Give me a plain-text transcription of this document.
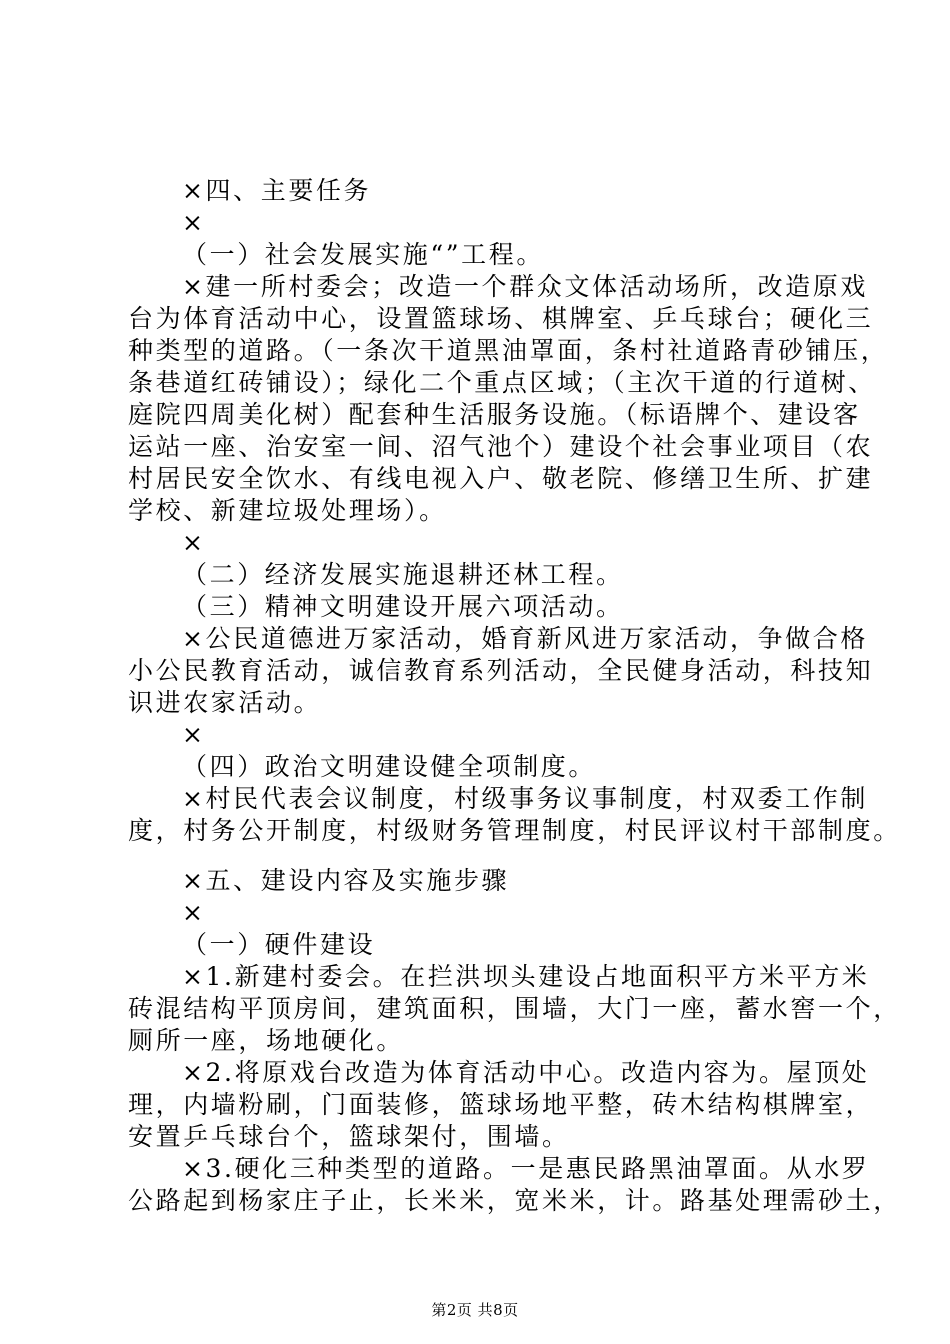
×四、主要任务
×
（一）社会发展实施“”工程。
×建一所村委会；改造一个群众文体活动场所，改造原戏
台为体育活动中心，设置篮球场、棋牌室、乒乓球台；硬化三
种类型的道路。（一条次干道黑油罩面，条村社道路青砂铺压，
条巷道红砖铺设）；绿化二个重点区域；（主次干道的行道树、
庭院四周美化树）配套种生活服务设施。（标语牌个、建设客
运站一座、治安室一间、沼气池个）建设个社会事业项目（农
村居民安全饮水、有线电视入户、敬老院、修缮卫生所、扩建
学校、新建垃圾处理场）。
×
（二）经济发展实施退耕还林工程。
（三）精神文明建设开展六项活动。
×公民道德进万家活动，婚育新风进万家活动，争做合格
小公民教育活动，诚信教育系列活动，全民健身活动，科技知
识进农家活动。
×
（四）政治文明建设健全项制度。
×村民代表会议制度，村级事务议事制度，村双委工作制
度，村务公开制度，村级财务管理制度，村民评议村干部制度。
×五、建设内容及实施步骤
×
（一）硬件建设
×1.新建村委会。在拦洪坝头建设占地面积平方米平方米
砖混结构平顶房间，建筑面积，围墙，大门一座，蓄水窖一个，
厕所一座，场地硬化。
×2.将原戏台改造为体育活动中心。改造内容为。屋顶处
理，内墙粉刷，门面装修，篮球场地平整，砖木结构棋牌室，
安置乒乓球台个，篮球架付，围墙。
×3.硬化三种类型的道路。一是惠民路黑油罩面。从水罗
公路起到杨家庄子止，长米米，宽米米，计。路基处理需砂土，
第2页 共8页
